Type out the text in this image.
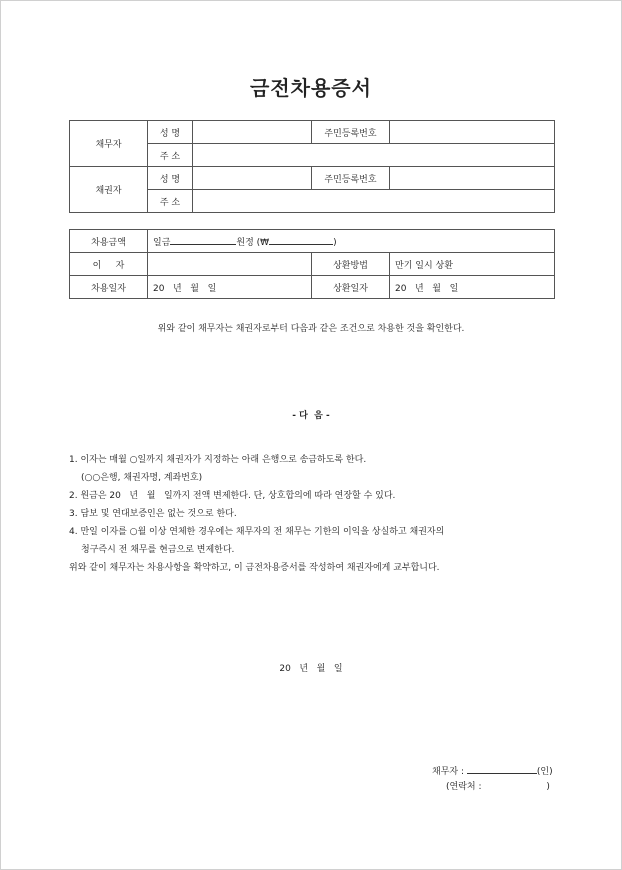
금전차용증서
채무자	성 명		주민등록번호	
	주 소			
채권자	성 명		주민등록번호	
	주 소			
차용금액	일금 원정 (₩ )		
이     자		상환방법	만기 일시 상환
차용일자	20   년   월   일	상환일자	20   년   월   일
위와 같이 채무자는 채권자로부터 다음과 같은 조건으로 차용한 것을 확인한다.
- 다  음 -
1. 이자는 매월 ○일까지 채권자가 지정하는 아래 은행으로 송금하도록 한다.
(○○은행, 채권자명, 계좌번호)
2. 원금은 20   년   월   일까지 전액 변제한다. 단, 상호합의에 따라 연장할 수 있다.
3. 담보 및 연대보증인은 없는 것으로 한다.
4. 만일 이자를 ○월 이상 연체한 경우에는 채무자의 전 채무는 기한의 이익을 상실하고 채권자의
청구즉시 전 채무를 현금으로 변제한다.
위와 같이 채무자는 차용사항을 확약하고, 이 금전차용증서를 작성하여 채권자에게 교부합니다.
20   년   월   일
채무자 :	(인)
(연락처 :	)
